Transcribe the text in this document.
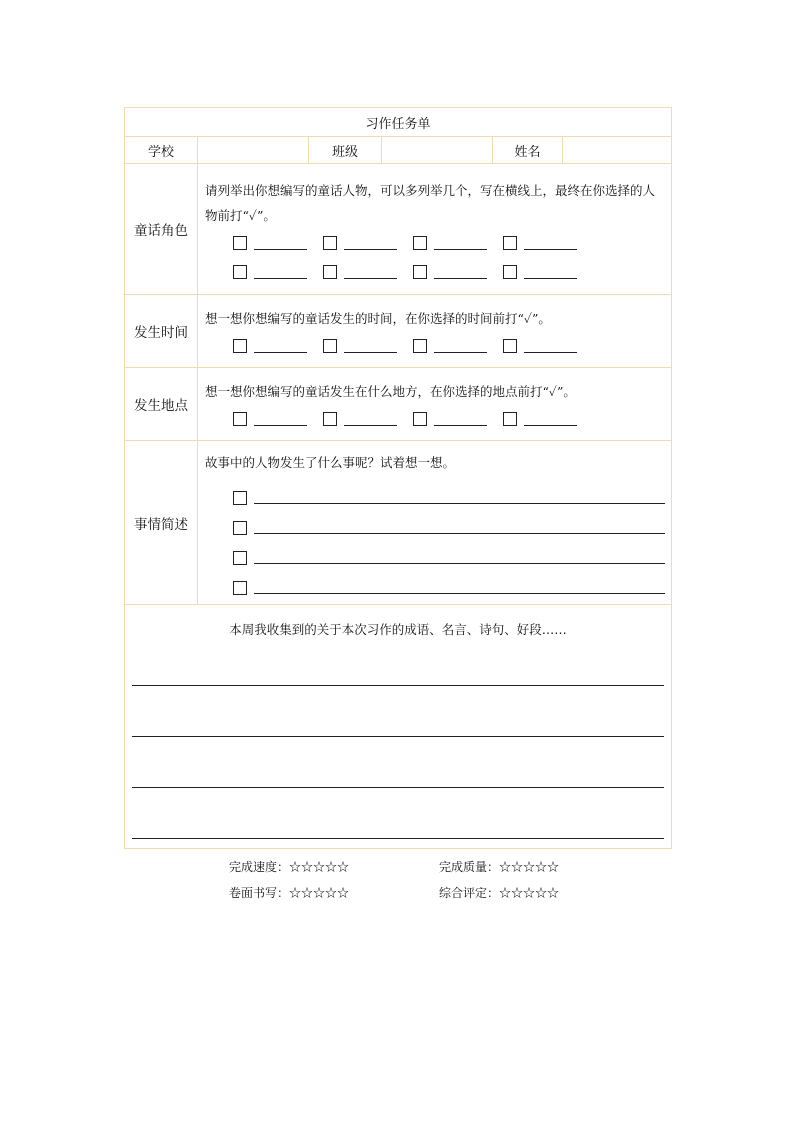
习作任务单					
学校		班级		姓名	
童话角色	请列举出你想编写的童话人物，可以多列举几个，写在横线上，最终在你选择的人物前打“✓”。				

发生时间	想一想你想编写的童话发生的时间，在你选择的时间前打“✓”。				

发生地点	想一想你想编写的童话发生在什么地方，在你选择的地点前打“✓”。				

事情简述	故事中的人物发生了什么事呢？试着想一想。				

本周我收集到的关于本次习作的成语、名言、诗句、好段……					
完成速度：☆☆☆☆☆	完成质量：☆☆☆☆☆
卷面书写：☆☆☆☆☆	综合评定：☆☆☆☆☆
